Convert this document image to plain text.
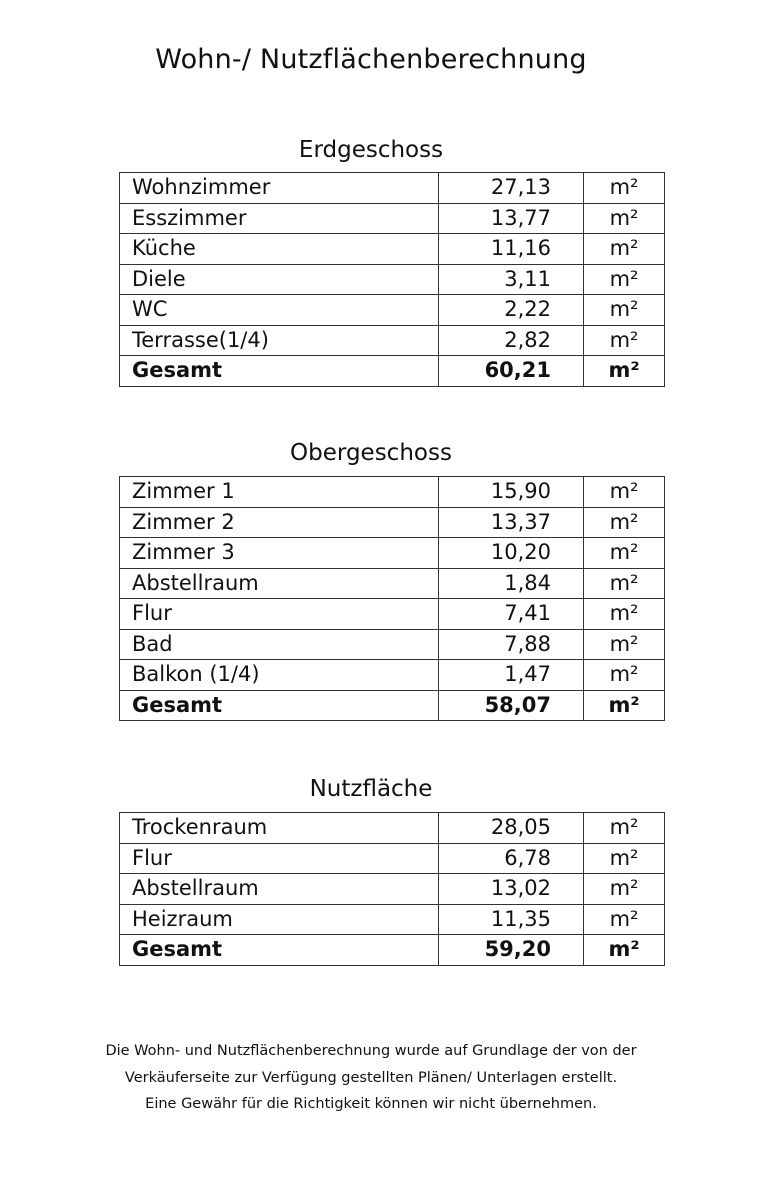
Wohn-/ Nutzflächenberechnung
Erdgeschoss
Wohnzimmer	27,13	m²
Esszimmer	13,77	m²
Küche	11,16	m²
Diele	3,11	m²
WC	2,22	m²
Terrasse(1/4)	2,82	m²
Gesamt	60,21	m²
Obergeschoss
Zimmer 1	15,90	m²
Zimmer 2	13,37	m²
Zimmer 3	10,20	m²
Abstellraum	1,84	m²
Flur	7,41	m²
Bad	7,88	m²
Balkon (1/4)	1,47	m²
Gesamt	58,07	m²
Nutzfläche
Trockenraum	28,05	m²
Flur	6,78	m²
Abstellraum	13,02	m²
Heizraum	11,35	m²
Gesamt	59,20	m²
Die Wohn- und Nutzflächenberechnung wurde auf Grundlage der von der
Verkäuferseite zur Verfügung gestellten Plänen/ Unterlagen erstellt.
Eine Gewähr für die Richtigkeit können wir nicht übernehmen.
